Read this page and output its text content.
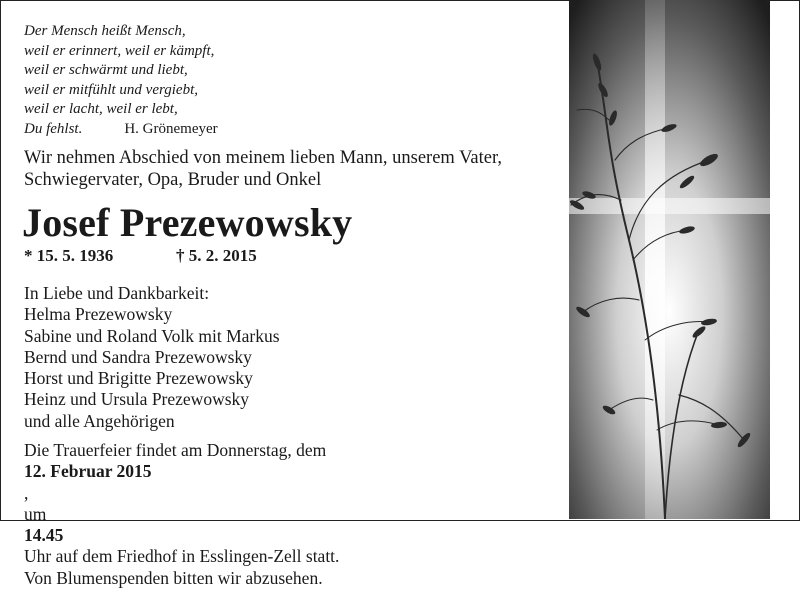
Der Mensch heißt Mensch,
weil er erinnert, weil er kämpft,
weil er schwärmt und liebt,
weil er mitfühlt und vergiebt,
weil er lacht, weil er lebt,
Du fehlst.	H. Grönemeyer
Wir nehmen Abschied von meinem lieben Mann, unserem Vater,
Schwiegervater, Opa, Bruder und Onkel
Josef Prezewowsky
* 15. 5. 1936	† 5. 2. 2015
In Liebe und Dankbarkeit:
Helma Prezewowsky
Sabine und Roland Volk mit Markus
Bernd und Sandra Prezewowsky
Horst und Brigitte Prezewowsky
Heinz und Ursula Prezewowsky
und alle Angehörigen
Die Trauerfeier findet am Donnerstag, dem
12. Februar 2015
,
um
14.45
Uhr auf dem Friedhof in Esslingen-Zell statt.
Von Blumenspenden bitten wir abzusehen.
